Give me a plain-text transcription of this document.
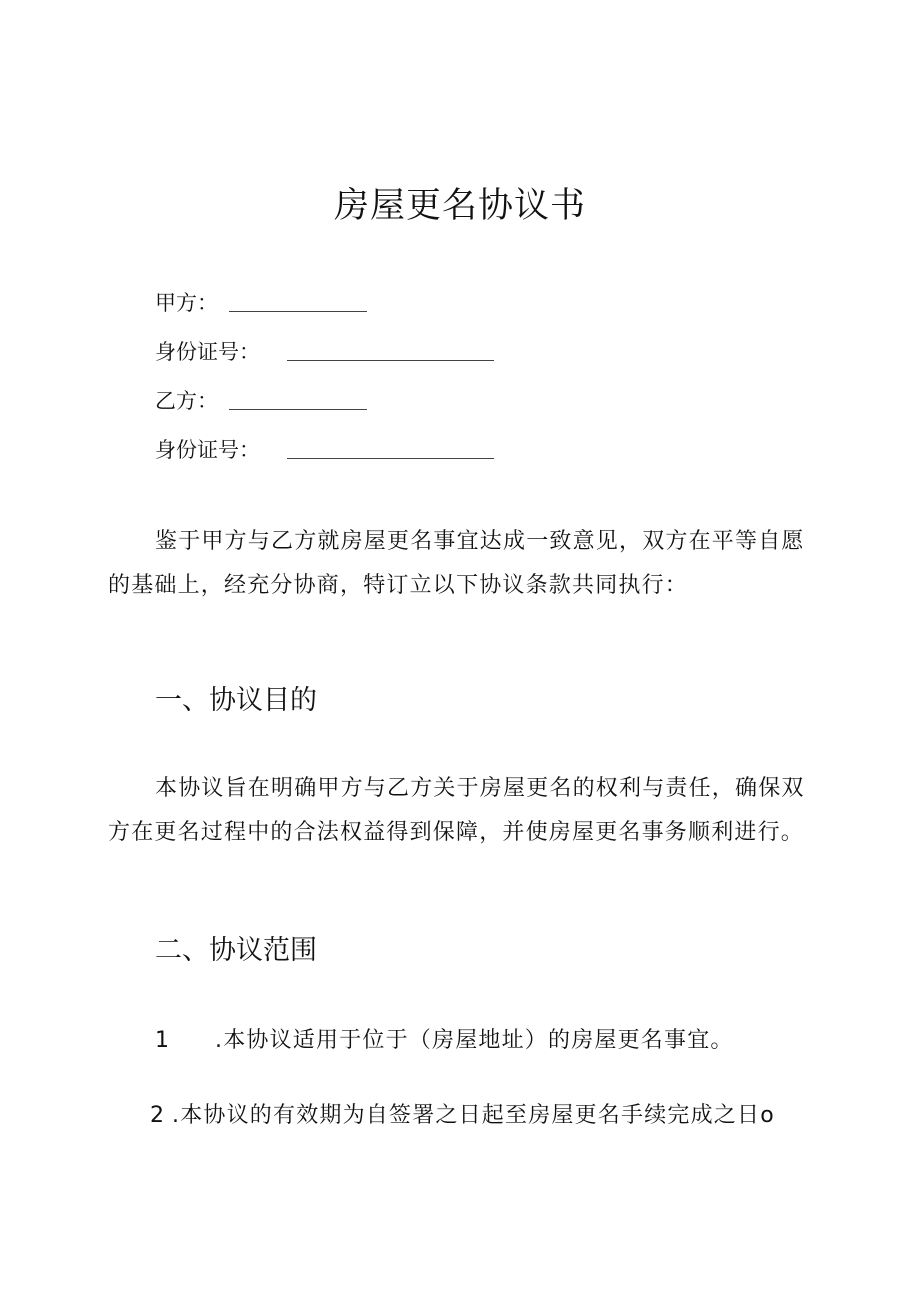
房屋更名协议书
甲方：
身份证号：
乙方：
身份证号：
鉴于甲方与乙方就房屋更名事宜达成一致意见，双方在平等自愿
的基础上，经充分协商，特订立以下协议条款共同执行：
一、协议目的
本协议旨在明确甲方与乙方关于房屋更名的权利与责任，确保双
方在更名过程中的合法权益得到保障，并使房屋更名事务顺利进行。
二、协议范围
1 .本协议适用于位于（房屋地址）的房屋更名事宜。
2 .本协议的有效期为自签署之日起至房屋更名手续完成之日o
